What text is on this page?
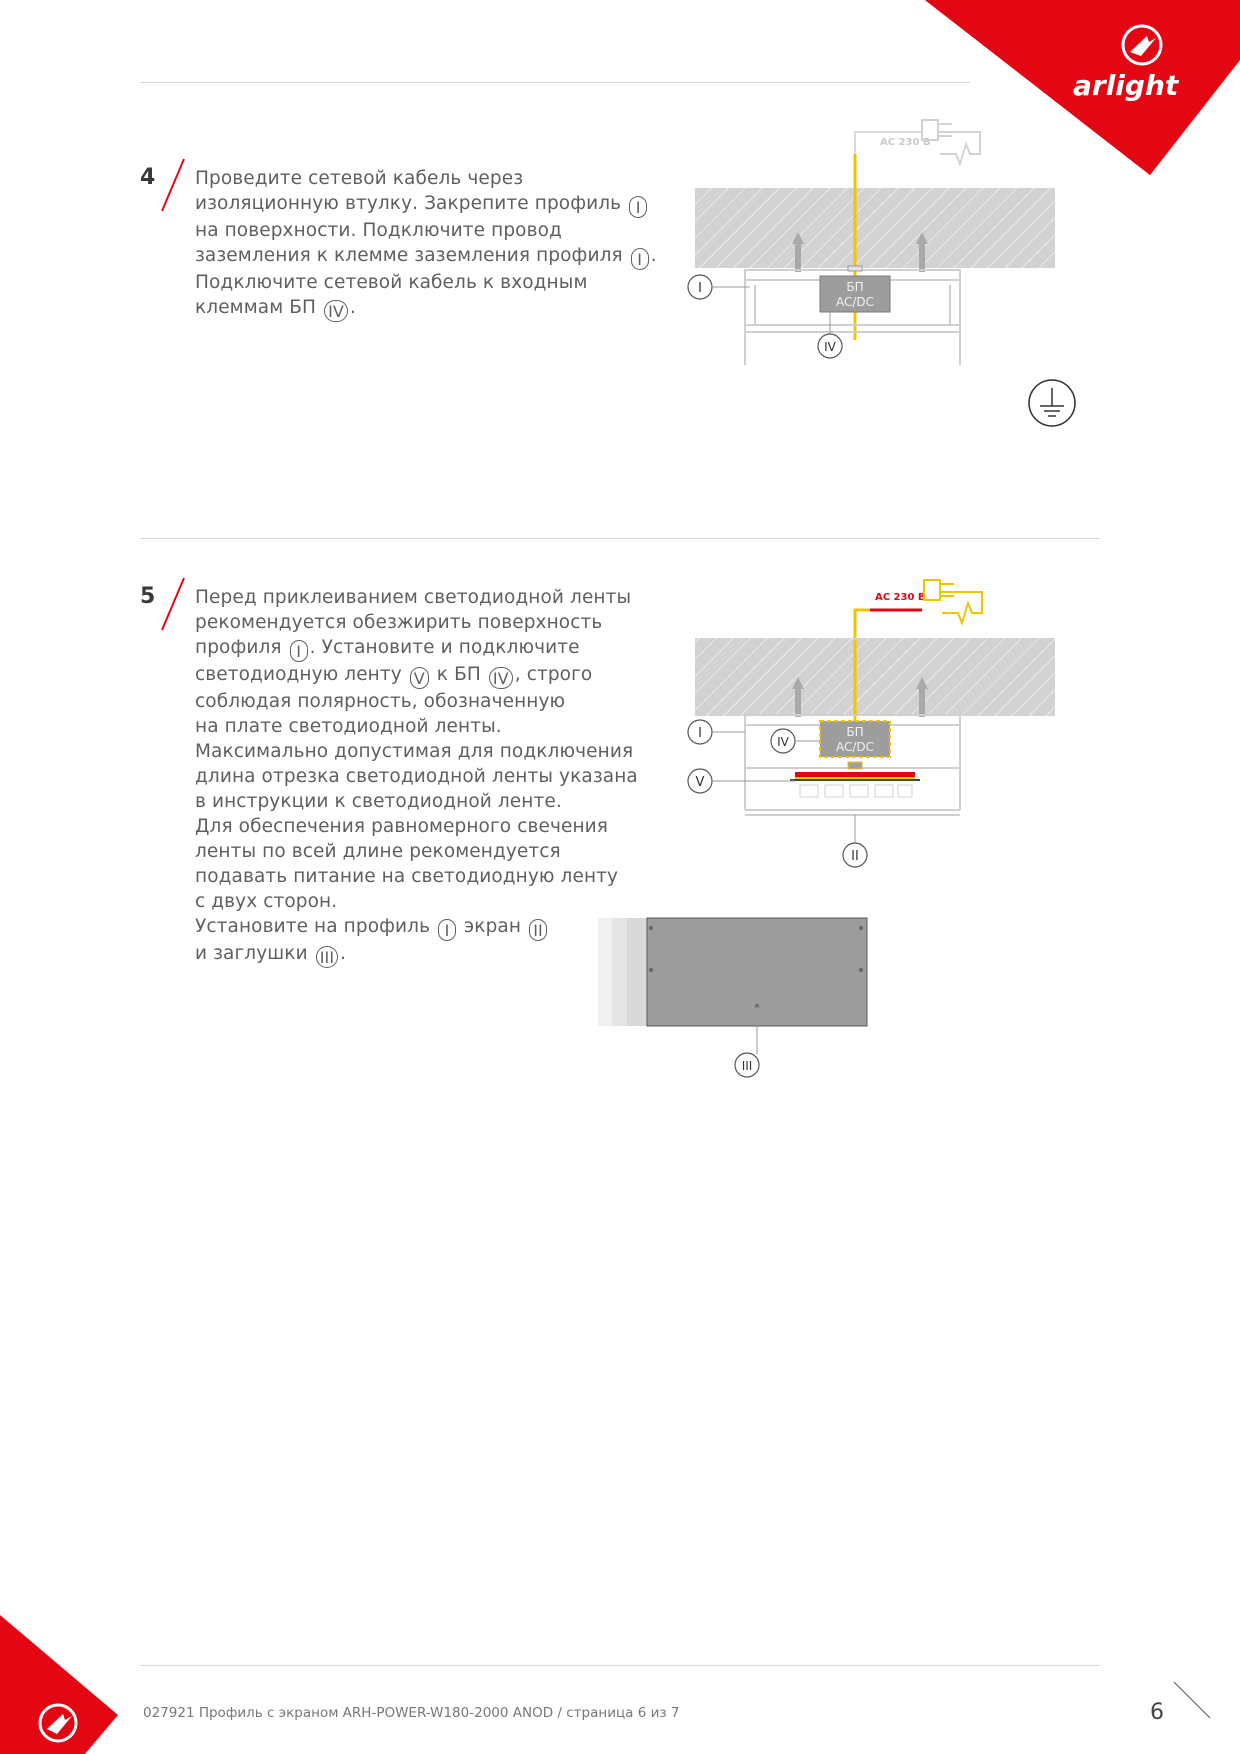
arlight
4 Проведите сетевой кабель через
изоляционную втулку. Закрепите профиль I
на поверхности. Подключите провод
заземления к клемме заземления профиля I .
Подключите сетевой кабель к входным
клеммам БП IV .
AC 230 В
БП
AC/DC
I
IV
5 Перед приклеиванием светодиодной ленты
рекомендуется обезжирить поверхность
профиля I . Установите и подключите
светодиодную ленту V к БП IV , строго
соблюдая полярность, обозначенную
на плате светодиодной ленты.
Максимально допустимая для подключения
длина отрезка светодиодной ленты указана
в инструкции к светодиодной ленте.
Для обеспечения равномерного свечения
ленты по всей длине рекомендуется
подавать питание на светодиодную ленту
с двух сторон.
Установите на профиль I экран II
и заглушки III .
AC 230 В
БП
AC/DC
I
IV
V
II
III
027921 Профиль с экраном ARH-POWER-W180-2000 ANOD / страница 6 из 7	6
